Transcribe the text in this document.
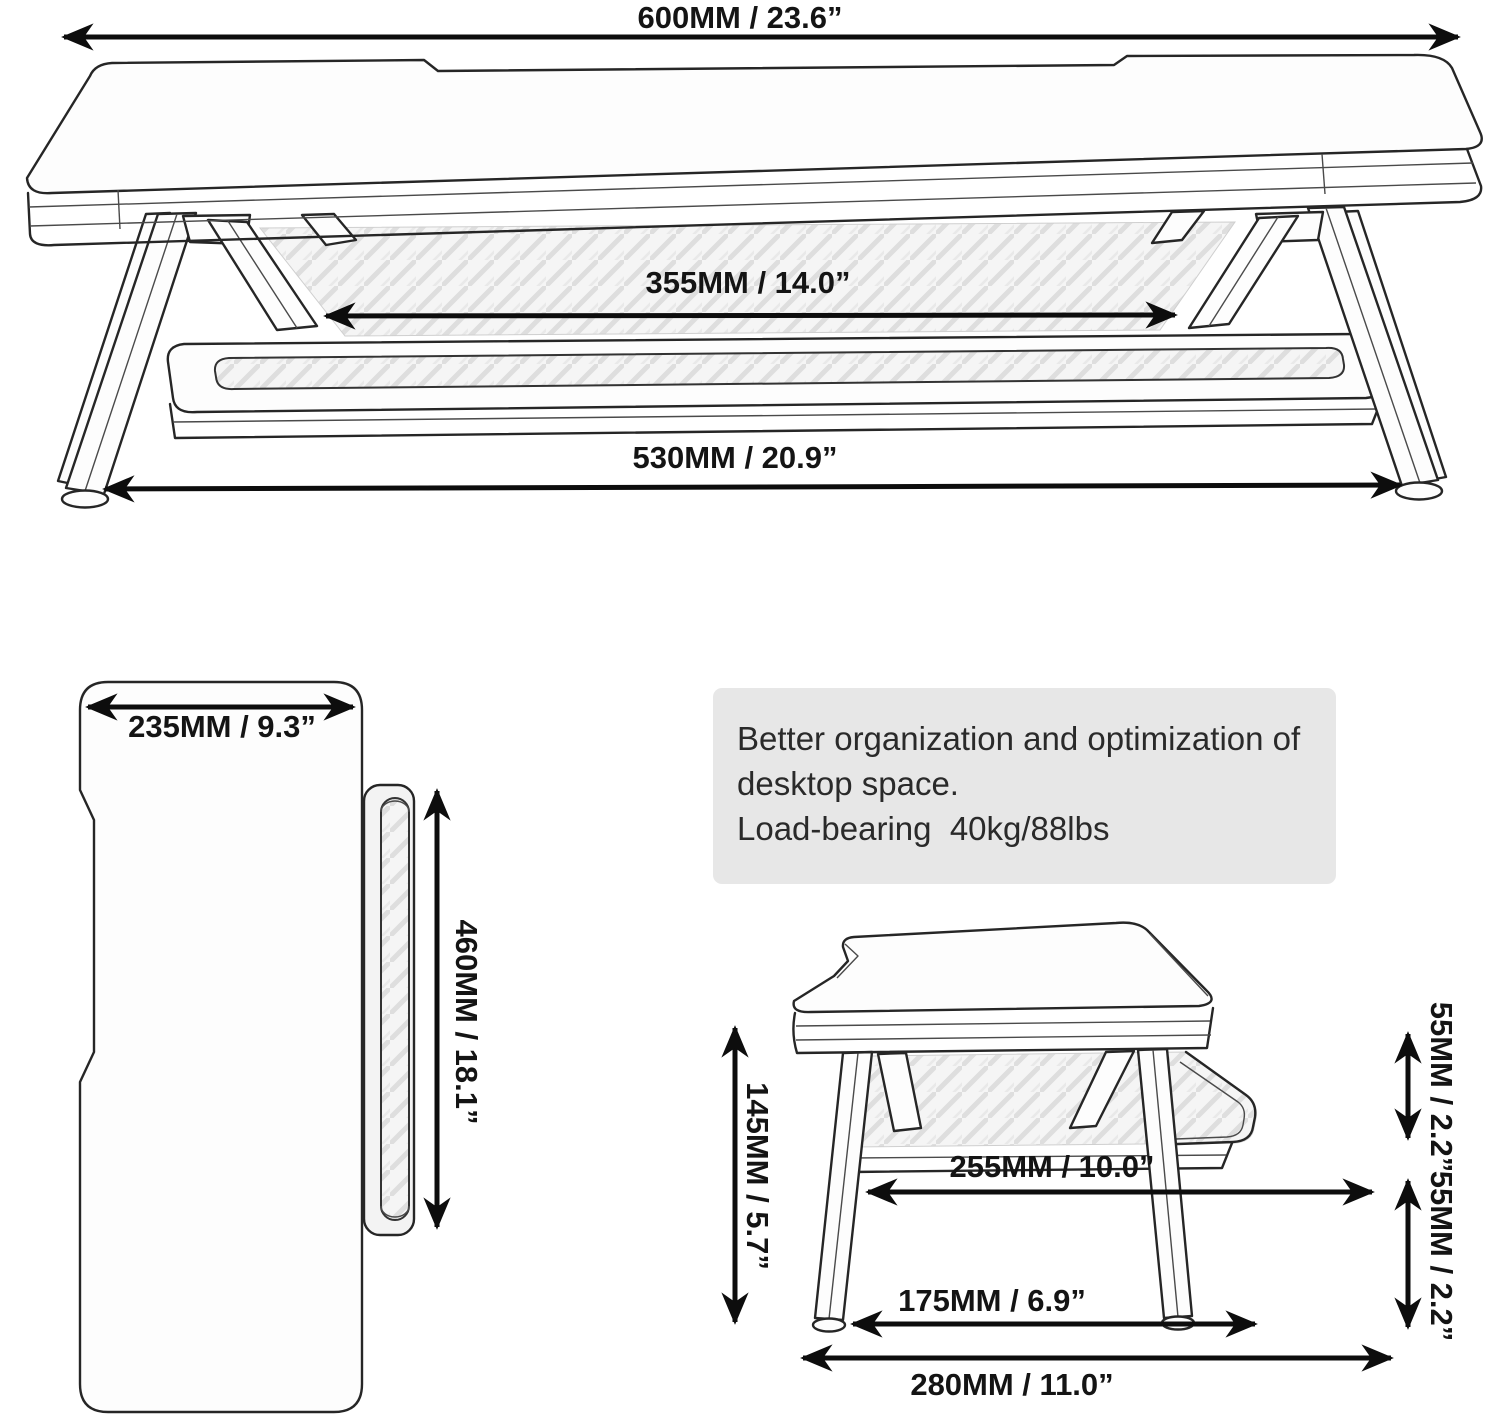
600MM / 23.6”
355MM / 14.0”
530MM / 20.9”
235MM / 9.3”
460MM / 18.1”
145MM / 5.7”	55MM / 2.2”
255MM / 10.0”
55MM / 2.2”
175MM / 6.9”
280MM / 11.0”
Better organization and optimization of
desktop space.
Load-bearing  40kg/88lbs
